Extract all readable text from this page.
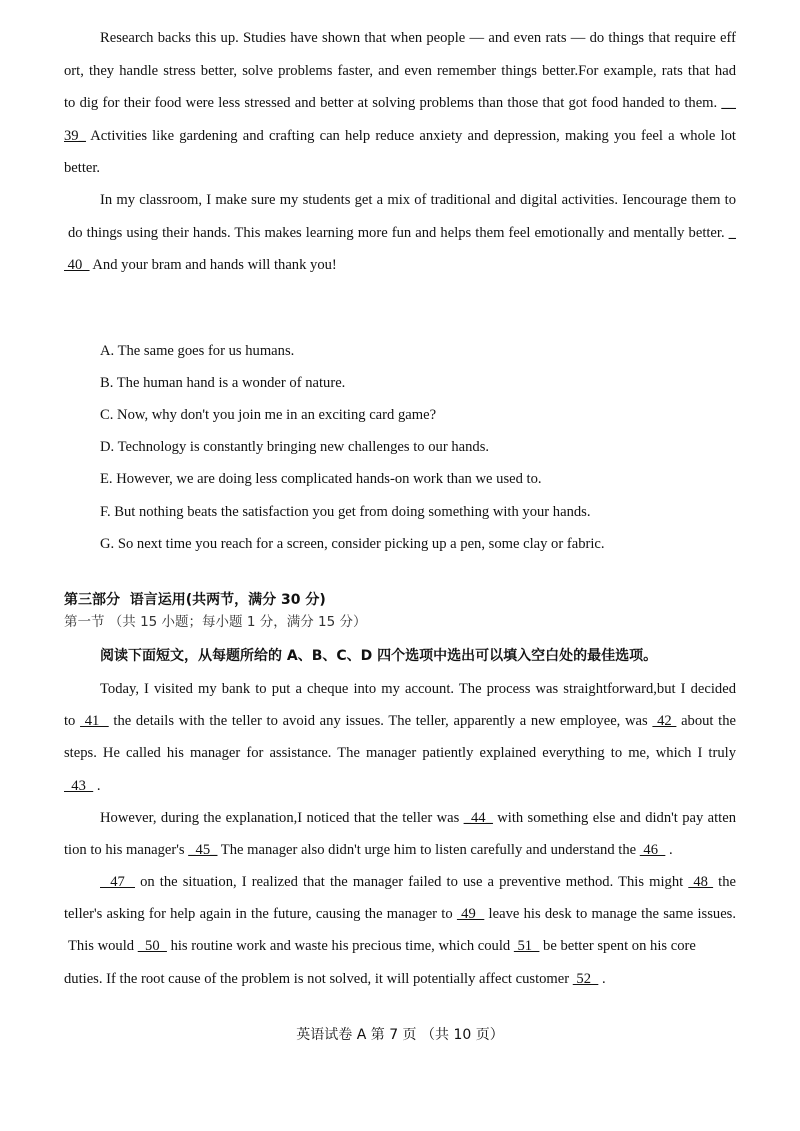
Research backs this up. Studies have shown that when people — and even rats — do things that require eff
ort, they handle stress better, solve problems faster, and even remember things better.For example, rats that had
to dig for their food were less stressed and better at solving problems than those that got food handed to them. __
39_ Activities like gardening and crafting can help reduce anxiety and depression, making you feel a whole lot
better.
In my classroom, I make sure my students get a mix of traditional and digital activities. Iencourage them to
do things using their hands. This makes learning more fun and helps them feel emotionally and mentally better. _
40   And your bram and hands will thank you!
A. The same goes for us humans.
B. The human hand is a wonder of nature.
C. Now, why don't you join me in an exciting card game?
D. Technology is constantly bringing new challenges to our hands.
E. However, we are doing less complicated hands-on work than we used to.
F. But nothing beats the satisfaction you get from doing something with your hands.
G. So next time you reach for a screen, consider picking up a pen, some clay or fabric.
第三部分  语言运用(共两节，满分 30 分)
第一节 （共 15 小题；每小题 1 分，满分 15 分）
阅读下面短文，从每题所给的 A、B、C、D 四个选项中选出可以填入空白处的最佳选项。
Today, I visited my bank to put a cheque into my account. The process was straightforward,but I decided
to  41   the details with the teller to avoid any issues. The teller, apparently a new employee, was  42  about the
steps. He called his manager for assistance. The manager patiently explained everything to me, which I truly
43   .
However, during the explanation,I noticed that the teller was _44_ with something else and didn't pay atten
tion to his manager's _45_ The manager also didn't urge him to listen carefully and understand the  46   .
47   on the situation, I realized that the manager failed to use a preventive method. This might  48  the
teller's asking for help again in the future, causing the manager to  49   leave his desk to manage the same issues.
This would   50   his routine work and waste his precious time, which could  51   be better spent on his core
duties. If the root cause of the problem is not solved, it will potentially affect customer  52   .
英语试卷 A 第 7 页 （共 10 页）
